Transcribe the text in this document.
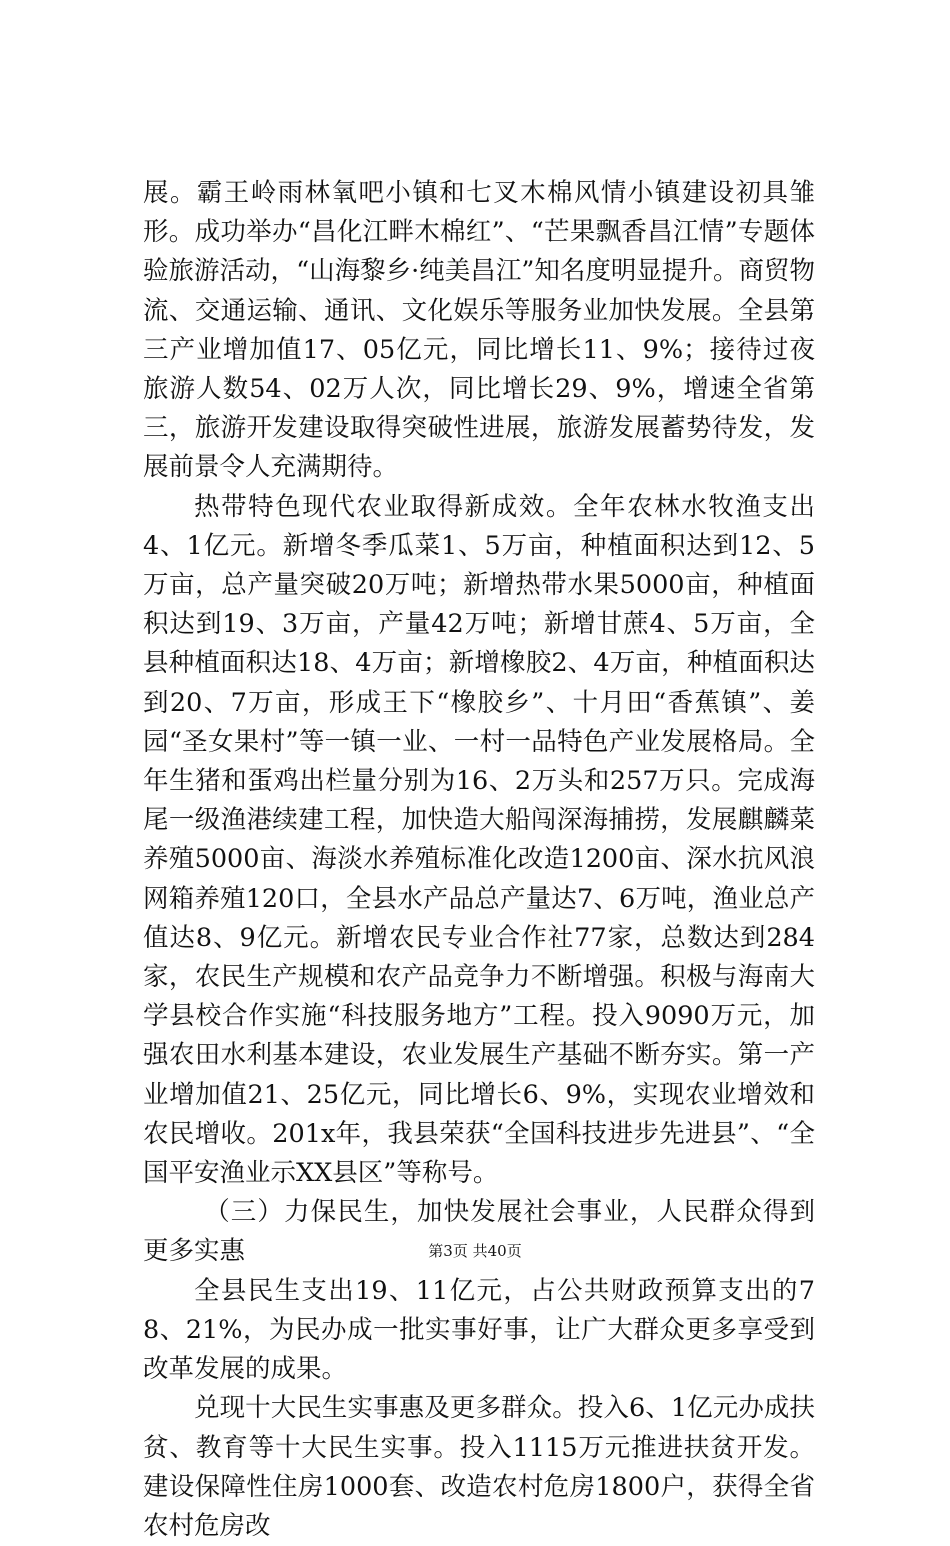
展。霸王岭雨林氧吧小镇和七叉木棉风情小镇建设初具雏形。成功举办“昌化江畔木棉红”、“芒果飘香昌江情”专题体验旅游活动，“山海黎乡·纯美昌江”知名度明显提升。商贸物流、交通运输、通讯、文化娱乐等服务业加快发展。全县第三产业增加值17、05亿元，同比增长11、9%；接待过夜旅游人数54、02万人次，同比增长29、9%，增速全省第三，旅游开发建设取得突破性进展，旅游发展蓄势待发，发展前景令人充满期待。

热带特色现代农业取得新成效。全年农林水牧渔支出4、1亿元。新增冬季瓜菜1、5万亩，种植面积达到12、5万亩，总产量突破20万吨；新增热带水果5000亩，种植面积达到19、3万亩，产量42万吨；新增甘蔗4、5万亩，全县种植面积达18、4万亩；新增橡胶2、4万亩，种植面积达到20、7万亩，形成王下“橡胶乡”、十月田“香蕉镇”、姜园“圣女果村”等一镇一业、一村一品特色产业发展格局。全年生猪和蛋鸡出栏量分别为16、2万头和257万只。完成海尾一级渔港续建工程，加快造大船闯深海捕捞，发展麒麟菜养殖5000亩、海淡水养殖标准化改造1200亩、深水抗风浪网箱养殖120口，全县水产品总产量达7、6万吨，渔业总产值达8、9亿元。新增农民专业合作社77家，总数达到284家，农民生产规模和农产品竞争力不断增强。积极与海南大学县校合作实施“科技服务地方”工程。投入9090万元，加强农田水利基本建设，农业发展生产基础不断夯实。第一产业增加值21、25亿元，同比增长6、9%，实现农业增效和农民增收。201x年，我县荣获“全国科技进步先进县”、“全国平安渔业示XX县区”等称号。

（三）力保民生，加快发展社会事业，人民群众得到更多实惠

全县民生支出19、11亿元，占公共财政预算支出的78、21%，为民办成一批实事好事，让广大群众更多享受到改革发展的成果。

兑现十大民生实事惠及更多群众。投入6、1亿元办成扶贫、教育等十大民生实事。投入1115万元推进扶贫开发。建设保障性住房1000套、改造农村危房1800户，获得全省农村危房改

第3页 共40页
